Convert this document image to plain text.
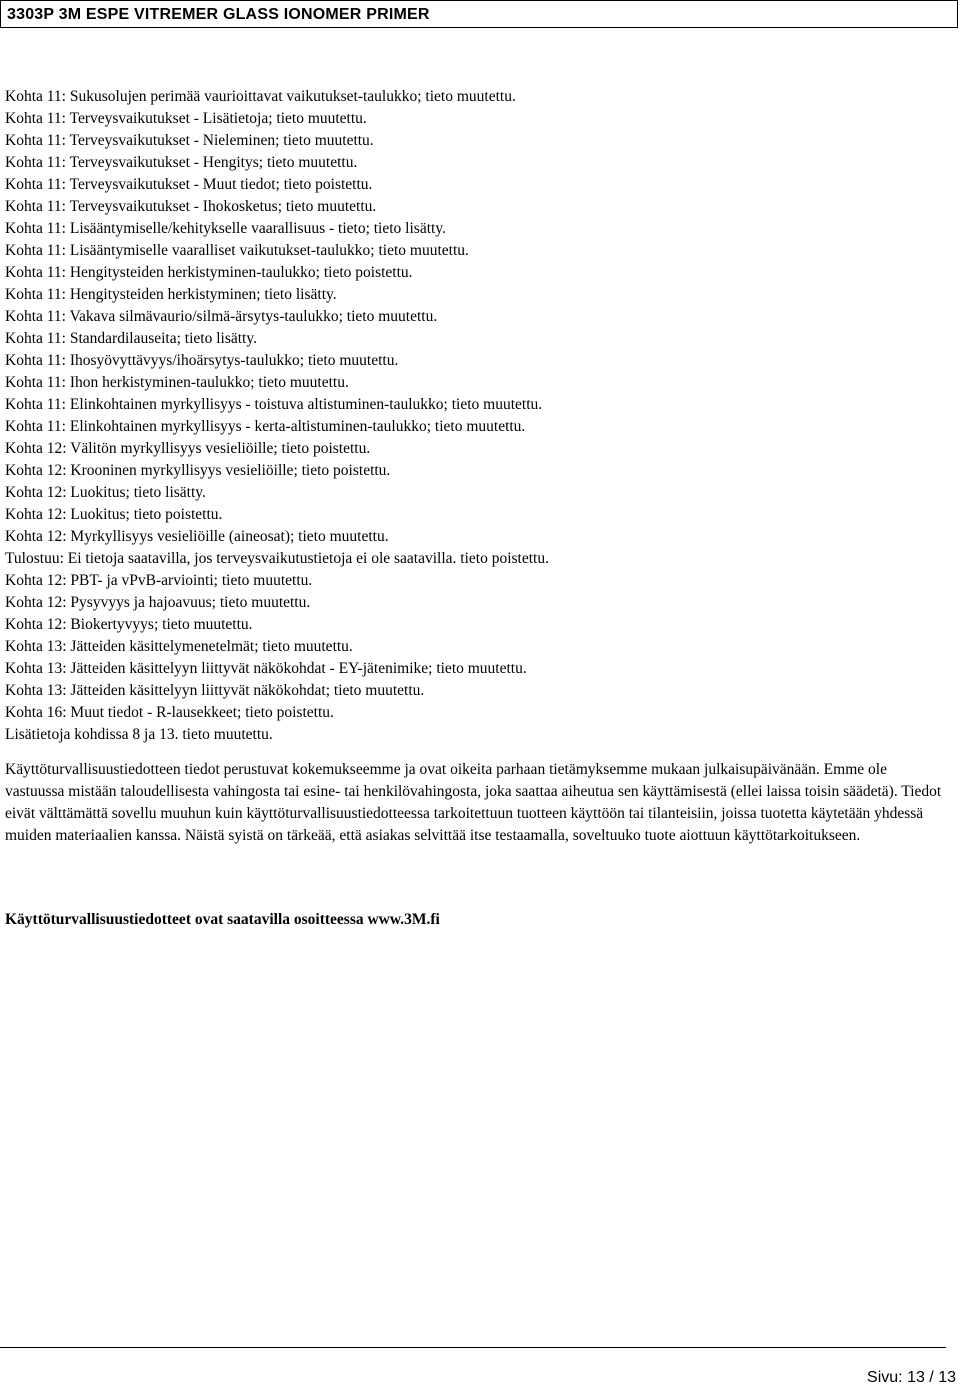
3303P 3M ESPE VITREMER GLASS IONOMER PRIMER
Kohta 11: Sukusolujen perimää vaurioittavat vaikutukset-taulukko; tieto muutettu.
Kohta 11: Terveysvaikutukset - Lisätietoja; tieto muutettu.
Kohta 11: Terveysvaikutukset - Nieleminen; tieto muutettu.
Kohta 11: Terveysvaikutukset - Hengitys; tieto muutettu.
Kohta 11: Terveysvaikutukset - Muut tiedot; tieto poistettu.
Kohta 11: Terveysvaikutukset - Ihokosketus; tieto muutettu.
Kohta 11: Lisääntymiselle/kehitykselle vaarallisuus - tieto; tieto lisätty.
Kohta 11: Lisääntymiselle vaaralliset vaikutukset-taulukko; tieto muutettu.
Kohta 11: Hengitysteiden herkistyminen-taulukko; tieto poistettu.
Kohta 11: Hengitysteiden herkistyminen; tieto lisätty.
Kohta 11: Vakava silmävaurio/silmä-ärsytys-taulukko; tieto muutettu.
Kohta 11: Standardilauseita; tieto lisätty.
Kohta 11: Ihosyövyttävyys/ihoärsytys-taulukko; tieto muutettu.
Kohta 11: Ihon herkistyminen-taulukko; tieto muutettu.
Kohta 11: Elinkohtainen myrkyllisyys - toistuva altistuminen-taulukko; tieto muutettu.
Kohta 11: Elinkohtainen myrkyllisyys - kerta-altistuminen-taulukko; tieto muutettu.
Kohta 12: Välitön myrkyllisyys vesieliöille; tieto poistettu.
Kohta 12: Krooninen myrkyllisyys vesieliöille; tieto poistettu.
Kohta 12: Luokitus; tieto lisätty.
Kohta 12: Luokitus; tieto poistettu.
Kohta 12: Myrkyllisyys vesieliöille (aineosat); tieto muutettu.
Tulostuu: Ei tietoja saatavilla, jos terveysvaikutustietoja ei ole saatavilla. tieto poistettu.
Kohta 12: PBT- ja vPvB-arviointi; tieto muutettu.
Kohta 12: Pysyvyys ja hajoavuus; tieto muutettu.
Kohta 12: Biokertyvyys; tieto muutettu.
Kohta 13: Jätteiden käsittelymenetelmät; tieto muutettu.
Kohta 13: Jätteiden käsittelyyn liittyvät näkökohdat - EY-jätenimike; tieto muutettu.
Kohta 13: Jätteiden käsittelyyn liittyvät näkökohdat; tieto muutettu.
Kohta 16: Muut tiedot - R-lausekkeet; tieto poistettu.
Lisätietoja kohdissa 8 ja 13. tieto muutettu.

Käyttöturvallisuustiedotteen tiedot perustuvat kokemukseemme ja ovat oikeita parhaan tietämyksemme mukaan julkaisupäivänään. Emme ole vastuussa mistään taloudellisesta vahingosta tai esine- tai henkilövahingosta, joka saattaa aiheutua sen käyttämisestä (ellei laissa toisin säädetä). Tiedot eivät välttämättä sovellu muuhun kuin käyttöturvallisuustiedotteessa tarkoitettuun tuotteen käyttöön tai tilanteisiin, joissa tuotetta käytetään yhdessä muiden materiaalien kanssa. Näistä syistä on tärkeää, että asiakas selvittää itse testaamalla, soveltuuko tuote aiottuun käyttötarkoitukseen.

Käyttöturvallisuustiedotteet ovat saatavilla osoitteessa www.3M.fi

Sivu: 13 / 13
